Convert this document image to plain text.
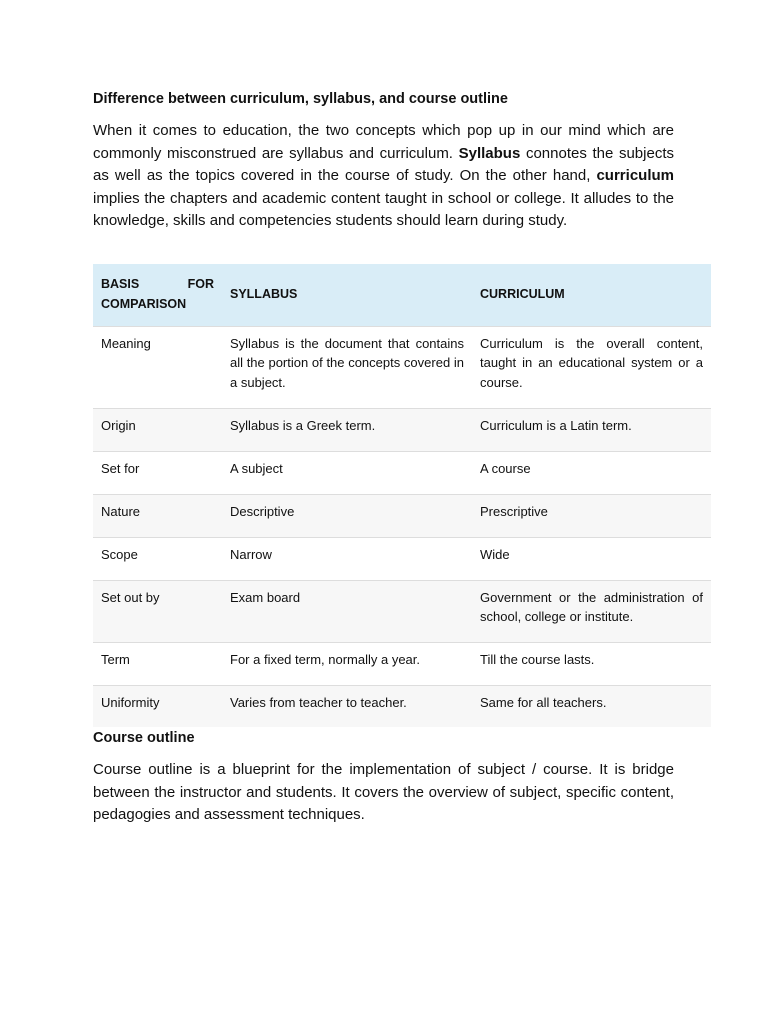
Difference between curriculum, syllabus, and course outline

When it comes to education, the two concepts which pop up in our mind which are commonly misconstrued are syllabus and curriculum. Syllabus connotes the subjects as well as the topics covered in the course of study. On the other hand, curriculum implies the chapters and academic content taught in school or college. It alludes to the knowledge, skills and competencies students should learn during study.

BASIS FOR
COMPARISON	SYLLABUS	CURRICULUM
Meaning	Syllabus is the document that contains all the portion of the concepts covered in a subject.	Curriculum is the overall content, taught in an educational system or a course.
Origin	Syllabus is a Greek term.	Curriculum is a Latin term.
Set for	A subject	A course
Nature	Descriptive	Prescriptive
Scope	Narrow	Wide
Set out by	Exam board	Government or the administration of school, college or institute.
Term	For a fixed term, normally a year.	Till the course lasts.
Uniformity	Varies from teacher to teacher.	Same for all teachers.
Course outline

Course outline is a blueprint for the implementation of subject / course. It is bridge between the instructor and students. It covers the overview of subject, specific content, pedagogies and assessment techniques.
